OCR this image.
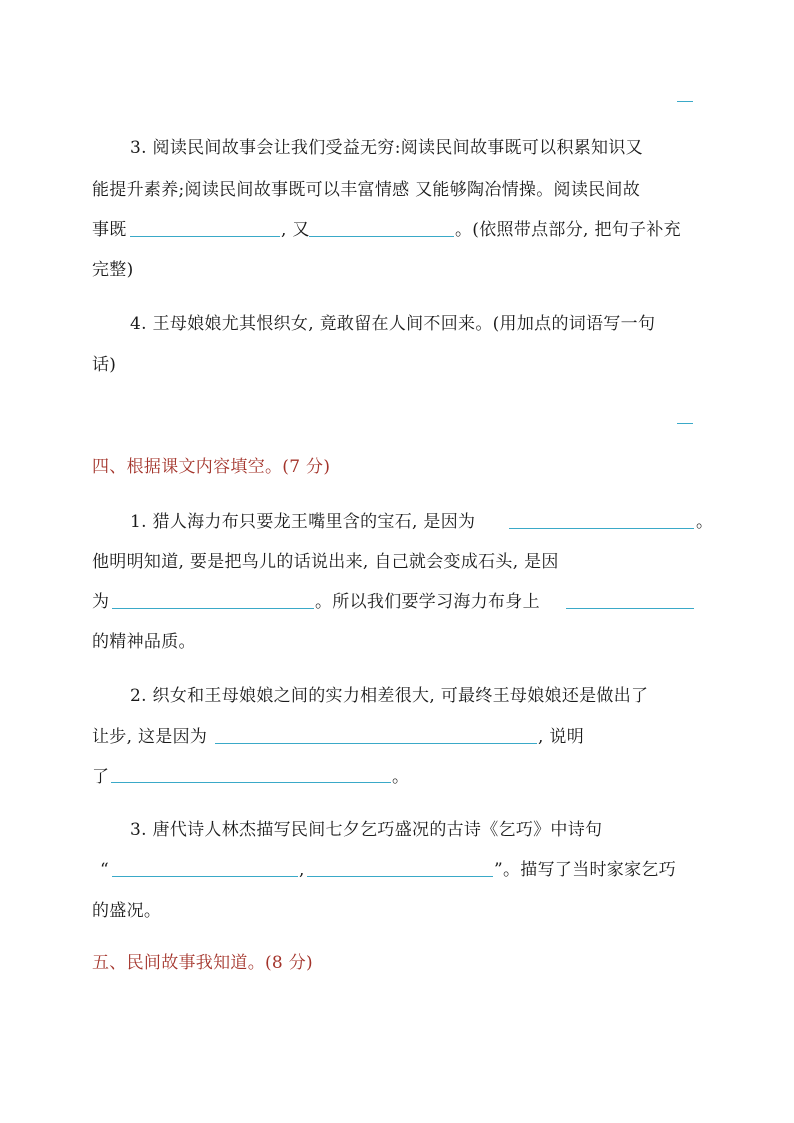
3. 阅读民间故事会让我们受益无穷:阅读民间故事既可以积累知识又
能提升素养;阅读民间故事既可以丰富情感 又能够陶冶情操。阅读民间故
事既	, 又	。(依照带点部分, 把句子补充
完整)
4. 王母娘娘尤其恨织女, 竟敢留在人间不回来。(用加点的词语写一句
话)
四、根据课文内容填空。(7 分)
1. 猎人海力布只要龙王嘴里含的宝石, 是因为	。
他明明知道, 要是把鸟儿的话说出来, 自己就会变成石头, 是因
为	。所以我们要学习海力布身上
的精神品质。
2. 织女和王母娘娘之间的实力相差很大, 可最终王母娘娘还是做出了
让步, 这是因为	, 说明
了	。
3. 唐代诗人林杰描写民间七夕乞巧盛况的古诗《乞巧》中诗句
“	,	”。描写了当时家家乞巧
的盛况。
五、民间故事我知道。(8 分)
